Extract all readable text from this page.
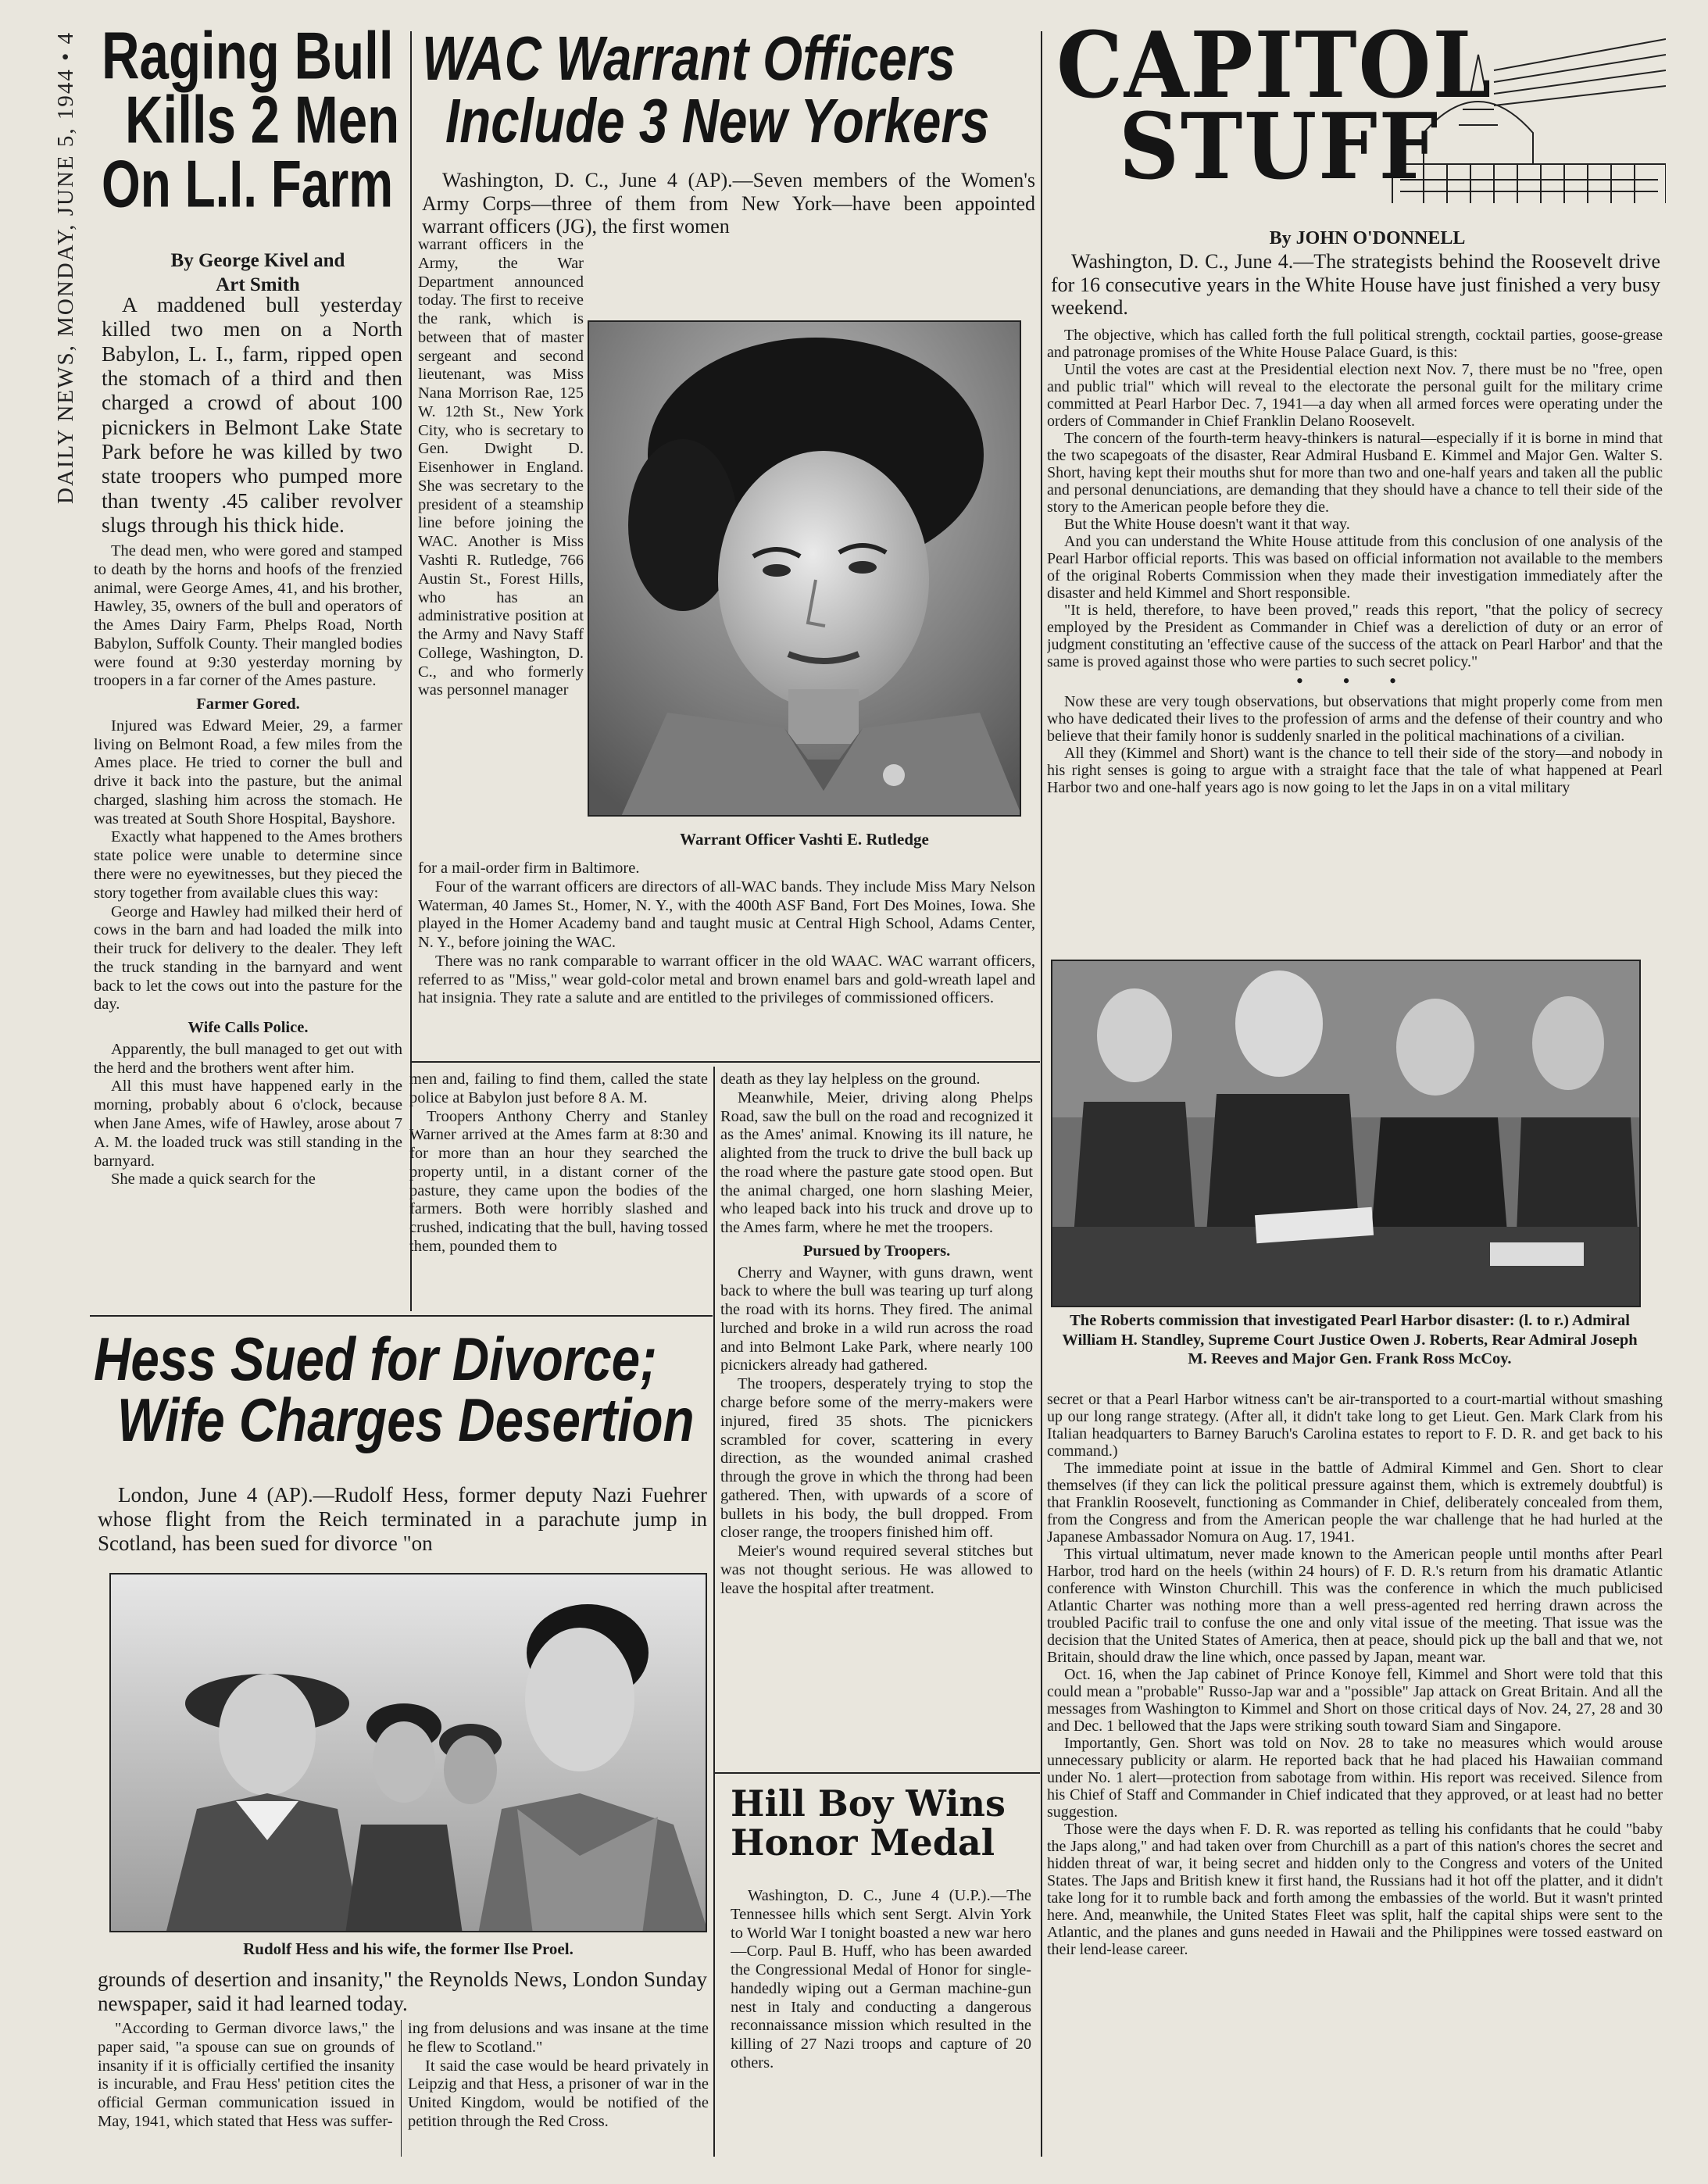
DAILY NEWS, MONDAY, JUNE 5, 1944 • 4 Raging Bull
Kills 2 Men
On L.I. Farm
By George Kivel and
Art Smith

A maddened bull yesterday killed two men on a North Babylon, L. I., farm, ripped open the stomach of a third and then charged a crowd of about 100 picnickers in Belmont Lake State Park before he was killed by two state troopers who pumped more than twenty .45 caliber revolver slugs through his thick hide.

The dead men, who were gored and stamped to death by the horns and hoofs of the frenzied animal, were George Ames, 41, and his brother, Hawley, 35, owners of the bull and operators of the Ames Dairy Farm, Phelps Road, North Babylon, Suffolk County. Their mangled bodies were found at 9:30 yesterday morning by troopers in a far corner of the Ames pasture.

Farmer Gored.

Injured was Edward Meier, 29, a farmer living on Belmont Road, a few miles from the Ames place. He tried to corner the bull and drive it back into the pasture, but the animal charged, slashing him across the stomach. He was treated at South Shore Hospital, Bayshore.

Exactly what happened to the Ames brothers state police were unable to determine since there were no eyewitnesses, but they pieced the story together from available clues this way:

George and Hawley had milked their herd of cows in the barn and had loaded the milk into their truck for delivery to the dealer. They left the truck standing in the barnyard and went back to let the cows out into the pasture for the day.

Wife Calls Police.

Apparently, the bull managed to get out with the herd and the brothers went after him.

All this must have happened early in the morning, probably about 6 o'clock, because when Jane Ames, wife of Hawley, arose about 7 A. M. the loaded truck was still standing in the barnyard.

She made a quick search for the

men and, failing to find them, called the state police at Babylon just before 8 A. M.

Troopers Anthony Cherry and Stanley Warner arrived at the Ames farm at 8:30 and for more than an hour they searched the property until, in a distant corner of the pasture, they came upon the bodies of the farmers. Both were horribly slashed and crushed, indicating that the bull, having tossed them, pounded them to

death as they lay helpless on the ground.

Meanwhile, Meier, driving along Phelps Road, saw the bull on the road and recognized it as the Ames' animal. Knowing its ill nature, he alighted from the truck to drive the bull back up the road where the pasture gate stood open. But the animal charged, one horn slashing Meier, who leaped back into his truck and drove up to the Ames farm, where he met the troopers.

Pursued by Troopers.

Cherry and Wayner, with guns drawn, went back to where the bull was tearing up turf along the road with its horns. They fired. The animal lurched and broke in a wild run across the road and into Belmont Lake Park, where nearly 100 picnickers already had gathered.

The troopers, desperately trying to stop the charge before some of the merry-makers were injured, fired 35 shots. The picnickers scrambled for cover, scattering in every direction, as the wounded animal crashed through the grove in which the throng had been gathered. Then, with upwards of a score of bullets in his body, the bull dropped. From closer range, the troopers finished him off.

Meier's wound required several stitches but was not thought serious. He was allowed to leave the hospital after treatment.

WAC Warrant Officers
Include 3 New Yorkers

Washington, D. C., June 4 (AP).—Seven members of the Women's Army Corps—three of them from New York—have been appointed warrant officers (JG), the first women

warrant officers in the Army, the War Department announced today. The first to receive the rank, which is between that of master sergeant and second lieutenant, was Miss Nana Morrison Rae, 125 W. 12th St., New York City, who is secretary to Gen. Dwight D. Eisenhower in England. She was secretary to the president of a steamship line before joining the WAC. Another is Miss Vashti R. Rutledge, 766 Austin St., Forest Hills, who has an administrative position at the Army and Navy Staff College, Washington, D. C., and who formerly was personnel manager

Warrant Officer Vashti E. Rutledge

for a mail-order firm in Baltimore.

Four of the warrant officers are directors of all-WAC bands. They include Miss Mary Nelson Waterman, 40 James St., Homer, N. Y., with the 400th ASF Band, Fort Des Moines, Iowa. She played in the Homer Academy band and taught music at Central High School, Adams Center, N. Y., before joining the WAC.

There was no rank comparable to warrant officer in the old WAAC. WAC warrant officers, referred to as "Miss," wear gold-color metal and brown enamel bars and gold-wreath lapel and hat insignia. They rate a salute and are entitled to the privileges of commissioned officers.

Hess Sued for Divorce;
Wife Charges Desertion

London, June 4 (AP).—Rudolf Hess, former deputy Nazi Fuehrer whose flight from the Reich terminated in a parachute jump in Scotland, has been sued for divorce "on

Rudolf Hess and his wife, the former Ilse Proel.

grounds of desertion and insanity," the Reynolds News, London Sunday newspaper, said it had learned today.

"According to German divorce laws," the paper said, "a spouse can sue on grounds of insanity if it is officially certified the insanity is incurable, and Frau Hess' petition cites the official German communication issued in May, 1941, which stated that Hess was suffer-

ing from delusions and was insane at the time he flew to Scotland."

It said the case would be heard privately in Leipzig and that Hess, a prisoner of war in the United Kingdom, would be notified of the petition through the Red Cross.

Hill Boy Wins
Honor Medal

Washington, D. C., June 4 (U.P.).—The Tennessee hills which sent Sergt. Alvin York to World War I tonight boasted a new war hero—Corp. Paul B. Huff, who has been awarded the Congressional Medal of Honor for single-handedly wiping out a German machine-gun nest in Italy and conducting a dangerous reconnaissance mission which resulted in the killing of 27 Nazi troops and capture of 20 others.

CAPITOL
STUFF
By JOHN O'DONNELL

Washington, D. C., June 4.—The strategists behind the Roosevelt drive for 16 consecutive years in the White House have just finished a very busy weekend.

The objective, which has called forth the full political strength, cocktail parties, goose-grease and patronage promises of the White House Palace Guard, is this:

Until the votes are cast at the Presidential election next Nov. 7, there must be no "free, open and public trial" which will reveal to the electorate the personal guilt for the military crime committed at Pearl Harbor Dec. 7, 1941—a day when all armed forces were operating under the orders of Commander in Chief Franklin Delano Roosevelt.

The concern of the fourth-term heavy-thinkers is natural—especially if it is borne in mind that the two scapegoats of the disaster, Rear Admiral Husband E. Kimmel and Major Gen. Walter S. Short, having kept their mouths shut for more than two and one-half years and taken all the public and personal denunciations, are demanding that they should have a chance to tell their side of the story to the American people before they die.

But the White House doesn't want it that way.

And you can understand the White House attitude from this conclusion of one analysis of the Pearl Harbor official reports. This was based on official information not available to the members of the original Roberts Commission when they made their investigation immediately after the disaster and held Kimmel and Short responsible.

"It is held, therefore, to have been proved," reads this report, "that the policy of secrecy employed by the President as Commander in Chief was a dereliction of duty or an error of judgment constituting an 'effective cause of the success of the attack on Pearl Harbor' and that the same is proved against those who were parties to such secret policy."

• • •

Now these are very tough observations, but observations that might properly come from men who have dedicated their lives to the profession of arms and the defense of their country and who believe that their family honor is suddenly snarled in the political machinations of a civilian.

All they (Kimmel and Short) want is the chance to tell their side of the story—and nobody in his right senses is going to argue with a straight face that the tale of what happened at Pearl Harbor two and one-half years ago is now going to let the Japs in on a vital military

The Roberts commission that investigated Pearl Harbor disaster: (l. to r.) Admiral William H. Standley, Supreme Court Justice Owen J. Roberts, Rear Admiral Joseph M. Reeves and Major Gen. Frank Ross McCoy.

secret or that a Pearl Harbor witness can't be air-transported to a court-martial without smashing up our long range strategy. (After all, it didn't take long to get Lieut. Gen. Mark Clark from his Italian headquarters to Barney Baruch's Carolina estates to report to F. D. R. and get back to his command.)

The immediate point at issue in the battle of Admiral Kimmel and Gen. Short to clear themselves (if they can lick the political pressure against them, which is extremely doubtful) is that Franklin Roosevelt, functioning as Commander in Chief, deliberately concealed from them, from the Congress and from the American people the war challenge that he had hurled at the Japanese Ambassador Nomura on Aug. 17, 1941.

This virtual ultimatum, never made known to the American people until months after Pearl Harbor, trod hard on the heels (within 24 hours) of F. D. R.'s return from his dramatic Atlantic conference with Winston Churchill. This was the conference in which the much publicised Atlantic Charter was nothing more than a well press-agented red herring drawn across the troubled Pacific trail to confuse the one and only vital issue of the meeting. That issue was the decision that the United States of America, then at peace, should pick up the ball and that we, not Britain, should draw the line which, once passed by Japan, meant war.

Oct. 16, when the Jap cabinet of Prince Konoye fell, Kimmel and Short were told that this could mean a "probable" Russo-Jap war and a "possible" Jap attack on Great Britain. And all the messages from Washington to Kimmel and Short on those critical days of Nov. 24, 27, 28 and 30 and Dec. 1 bellowed that the Japs were striking south toward Siam and Singapore.

Importantly, Gen. Short was told on Nov. 28 to take no measures which would arouse unnecessary publicity or alarm. He reported back that he had placed his Hawaiian command under No. 1 alert—protection from sabotage from within. His report was received. Silence from his Chief of Staff and Commander in Chief indicated that they approved, or at least had no better suggestion.

Those were the days when F. D. R. was reported as telling his confidants that he could "baby the Japs along," and had taken over from Churchill as a part of this nation's chores the secret and hidden threat of war, it being secret and hidden only to the Congress and voters of the United States. The Japs and British knew it first hand, the Russians had it hot off the platter, and it didn't take long for it to rumble back and forth among the embassies of the world. But it wasn't printed here. And, meanwhile, the United States Fleet was split, half the capital ships were sent to the Atlantic, and the planes and guns needed in Hawaii and the Philippines were tossed eastward on their lend-lease career.
